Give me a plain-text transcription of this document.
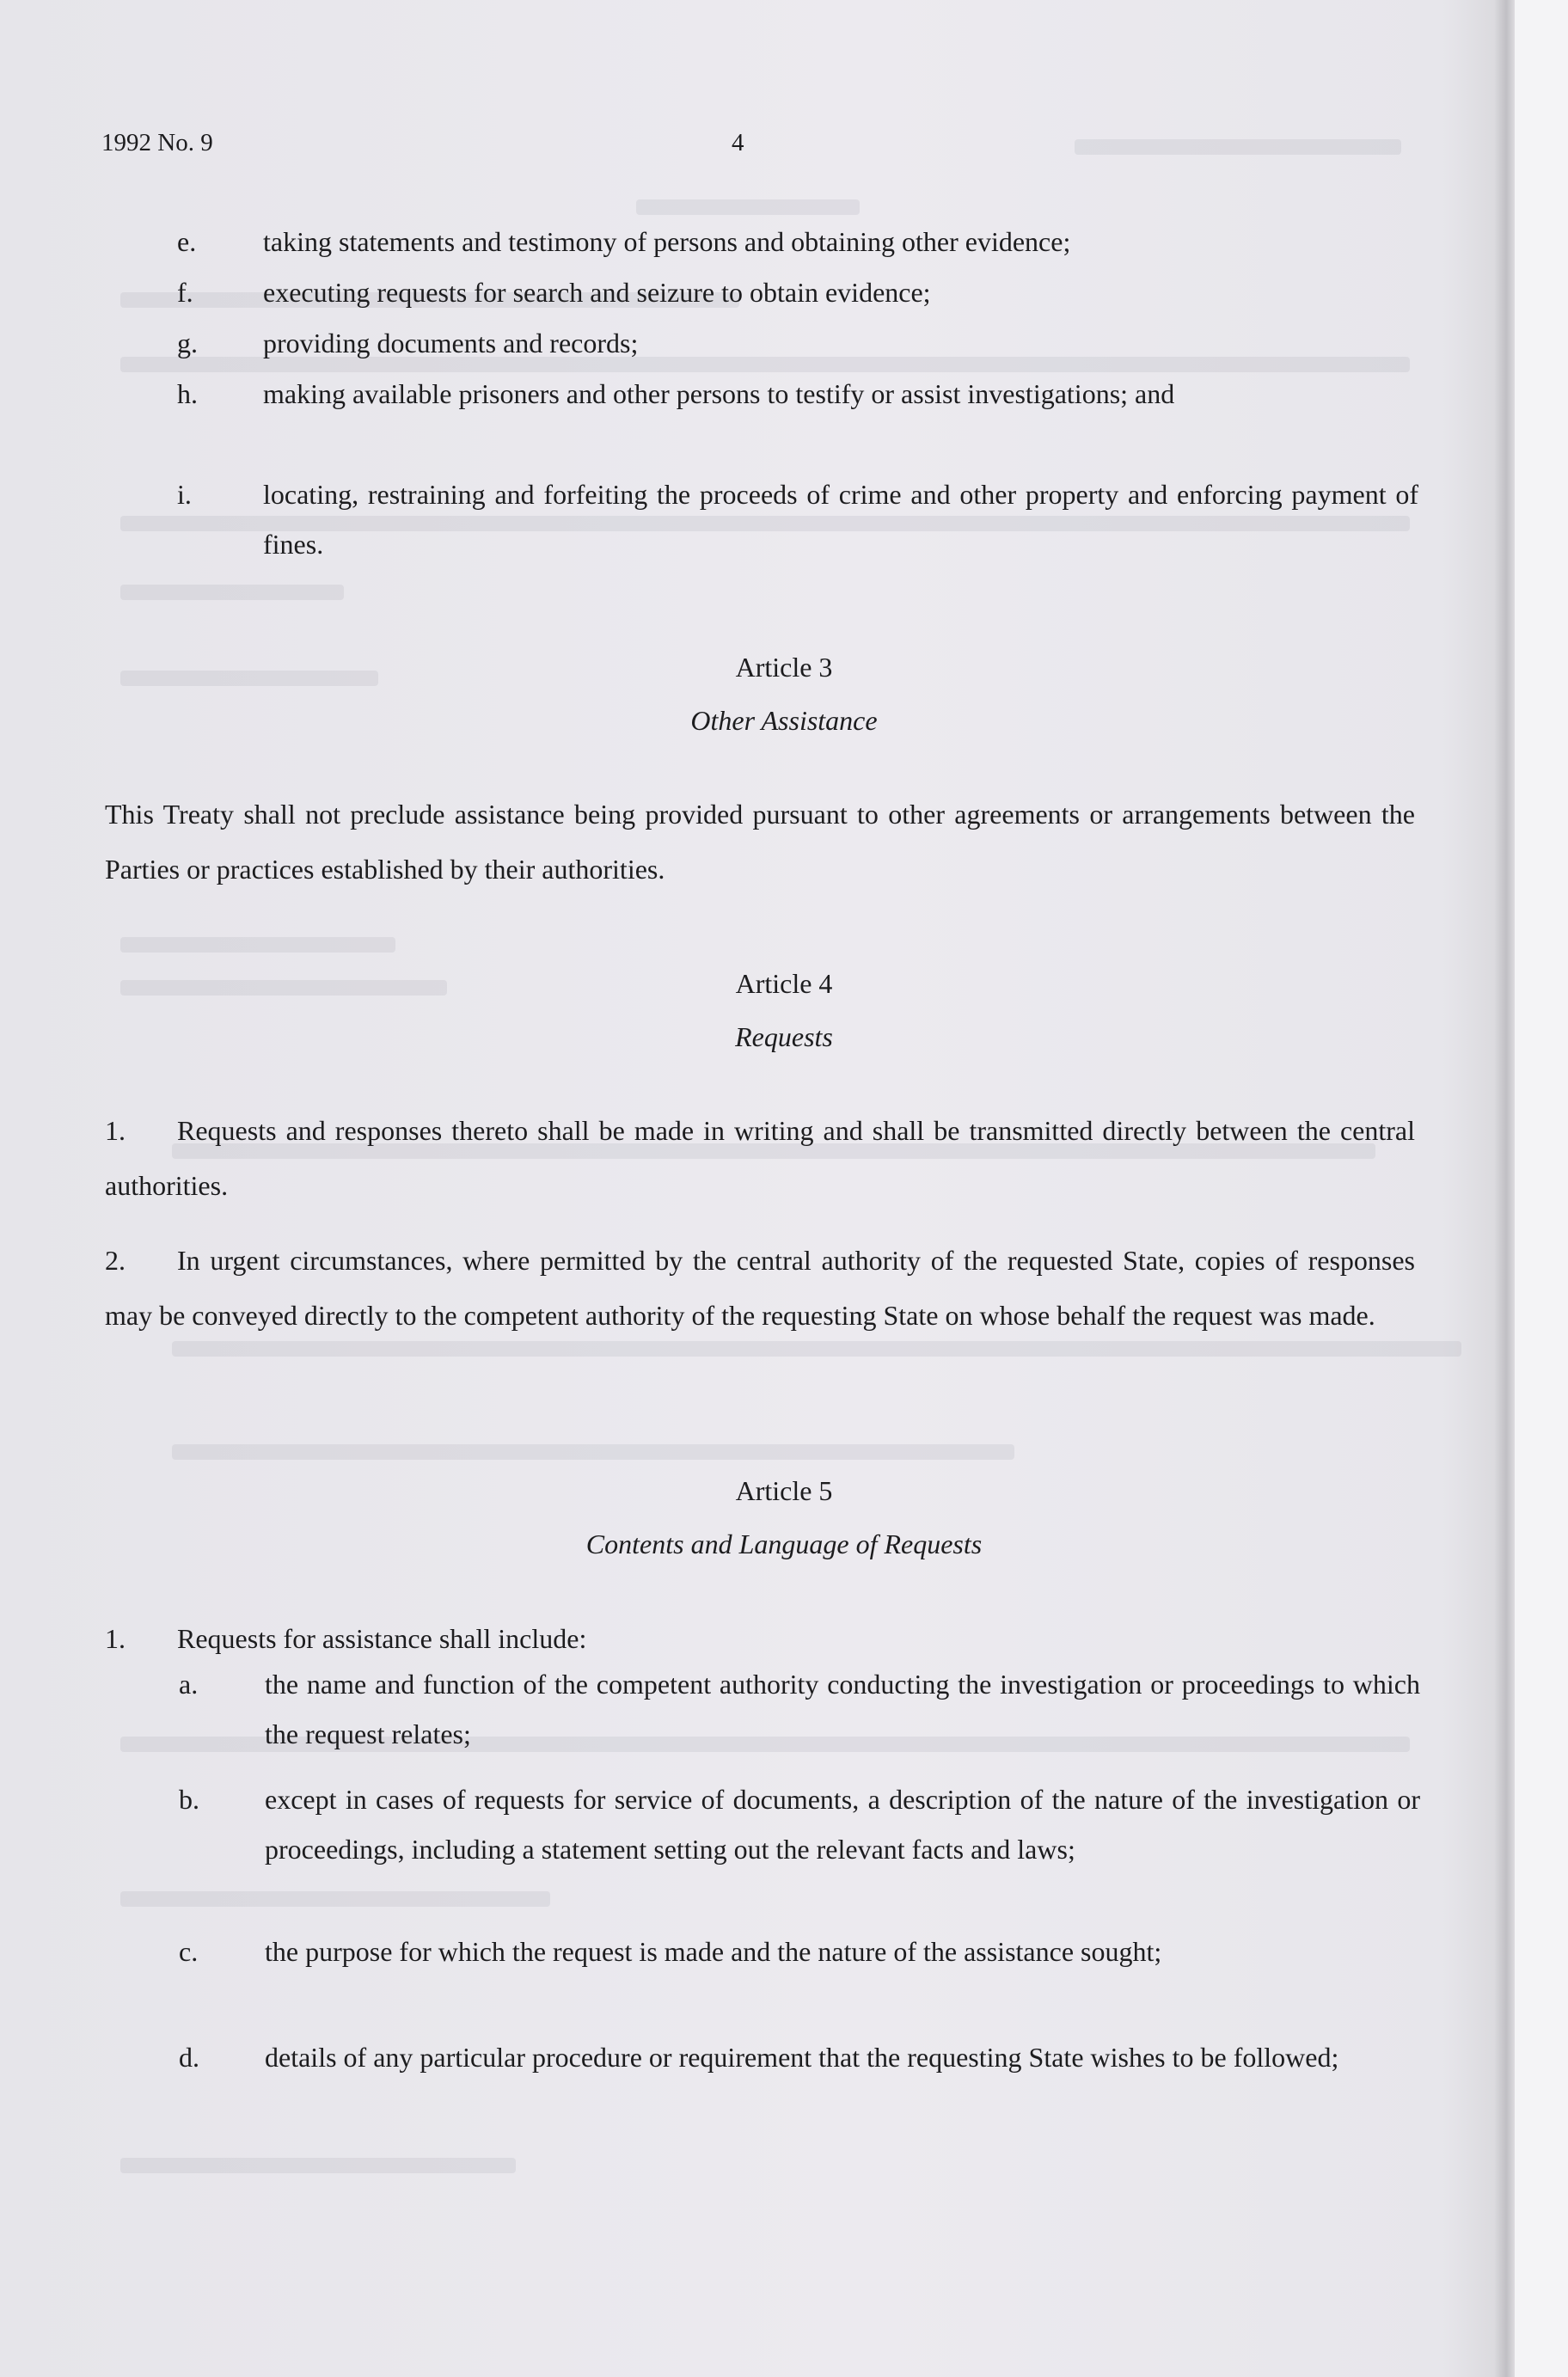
1992 No. 9	4
e. taking statements and testimony of persons and obtaining other evidence;
f.	executing requests for search and seizure to obtain evidence;
g. providing documents and records;
h. making available prisoners and other persons to testify or assist investigations; and
i.	locating, restraining and forfeiting the proceeds of crime and other property and enforcing payment of fines.
Article 3
Other Assistance
This Treaty shall not preclude assistance being provided pursuant to other agreements or arrangements between the Parties or practices established by their authorities.
Article 4
Requests
1. Requests and responses thereto shall be made in writing and shall be transmitted directly between the central authorities.
2. In urgent circumstances, where permitted by the central authority of the requested State, copies of responses may be conveyed directly to the competent authority of the requesting State on whose behalf the request was made.
Article 5
Contents and Language of Requests
1. Requests for assistance shall include:
a. the name and function of the competent authority conducting the investigation or proceedings to which the request relates;
b. except in cases of requests for service of documents, a description of the nature of the investigation or proceedings, including a statement setting out the relevant facts and laws;
c. the purpose for which the request is made and the nature of the assistance sought;
d. details of any particular procedure or requirement that the requesting State wishes to be followed;
